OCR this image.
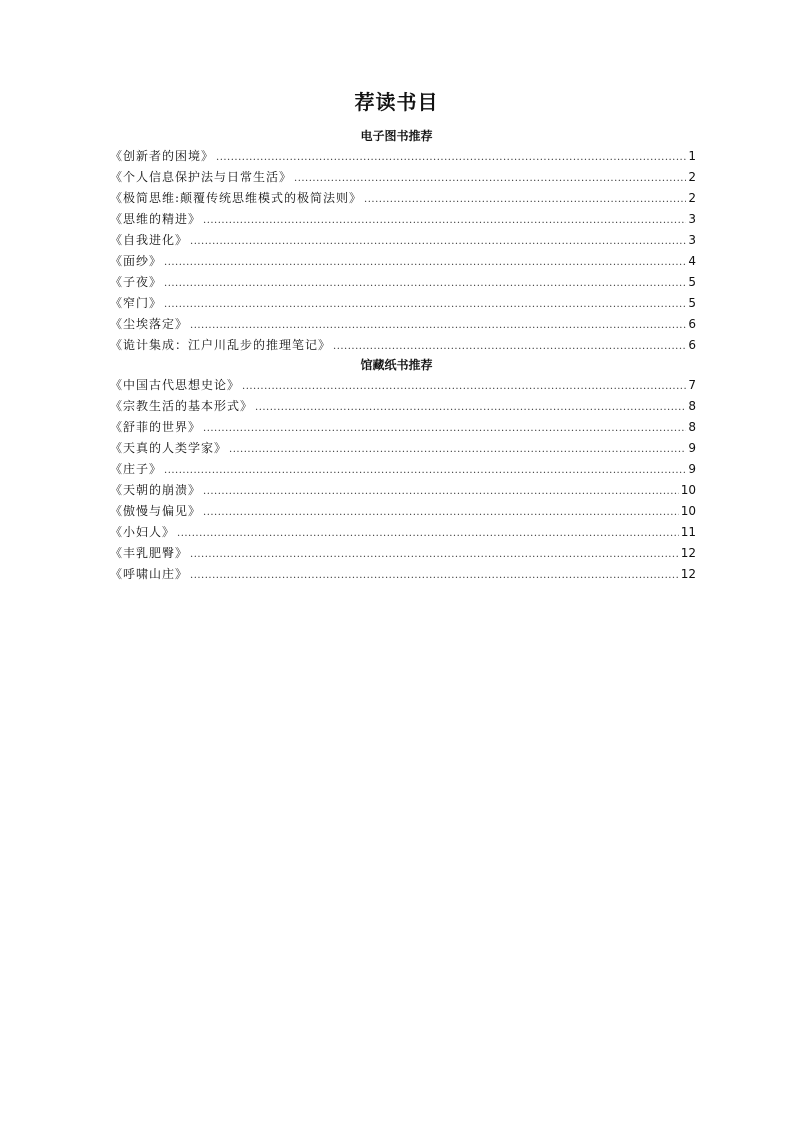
荐读书目
电子图书推荐
《创新者的困境》 .....	1
《个人信息保护法与日常生活》 .....	2
《极简思维:颠覆传统思维模式的极简法则》 .....	2
《思维的精进》 .....	3
《自我进化》 .....	3
《面纱》 .....	4
《子夜》 .....	5
《窄门》 .....	5
《尘埃落定》 .....	6
《诡计集成：江户川乱步的推理笔记》 .....	6
馆藏纸书推荐
《中国古代思想史论》 .....	7
《宗教生活的基本形式》 .....	8
《舒菲的世界》 .....	8
《天真的人类学家》 .....	9
《庄子》 .....	9
《天朝的崩溃》 .....	10
《傲慢与偏见》 .....	10
《小妇人》 .....	11
《丰乳肥臀》 .....	12
《呼啸山庄》 .....	12
